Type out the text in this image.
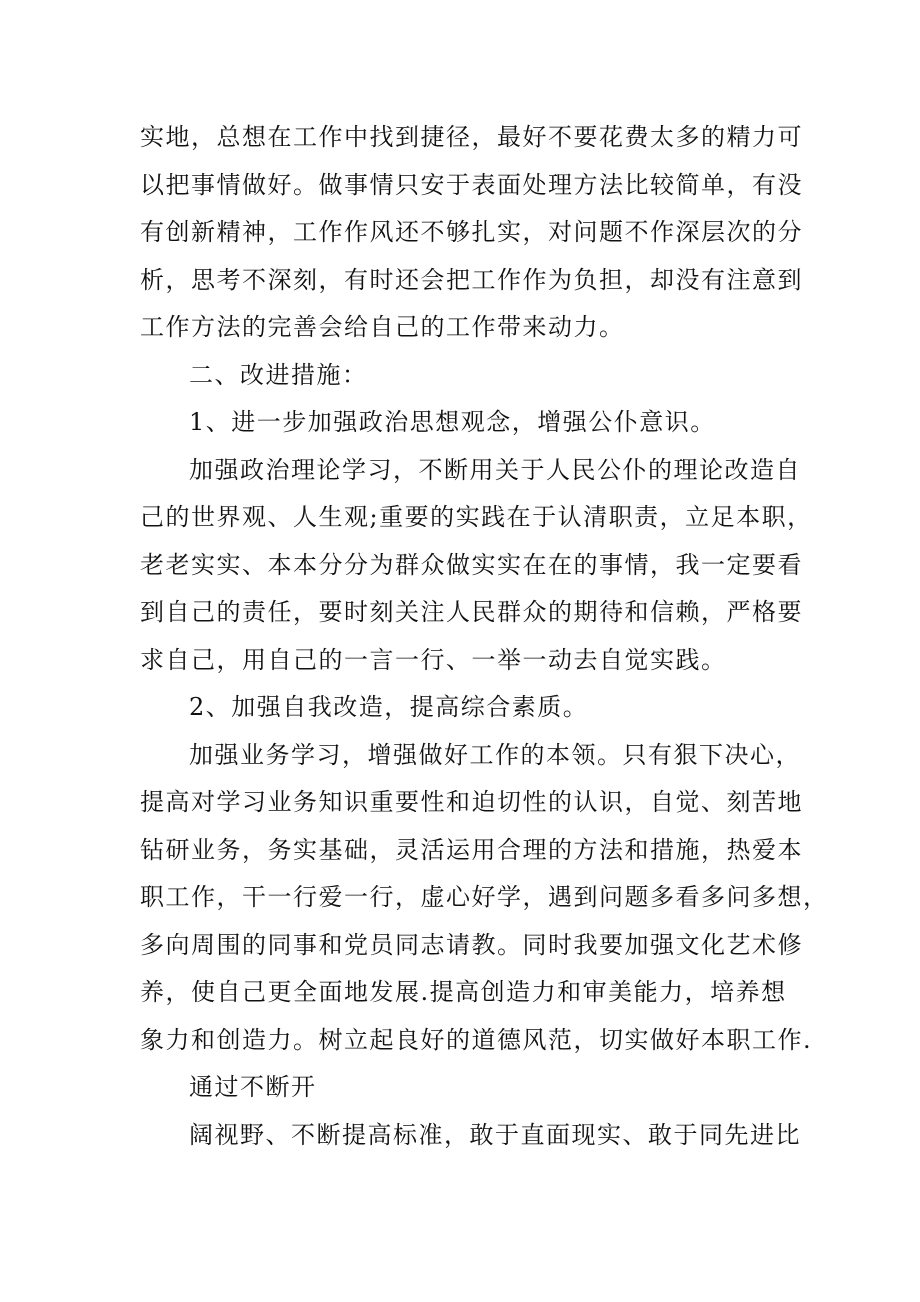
实地，总想在工作中找到捷径，最好不要花费太多的精力可
以把事情做好。做事情只安于表面处理方法比较简单，有没
有创新精神，工作作风还不够扎实，对问题不作深层次的分
析，思考不深刻，有时还会把工作作为负担，却没有注意到
工作方法的完善会给自己的工作带来动力。
二、改进措施：
1、进一步加强政治思想观念，增强公仆意识。
加强政治理论学习，不断用关于人民公仆的理论改造自
己的世界观、人生观;重要的实践在于认清职责，立足本职，
老老实实、本本分分为群众做实实在在的事情，我一定要看
到自己的责任，要时刻关注人民群众的期待和信赖，严格要
求自己，用自己的一言一行、一举一动去自觉实践。
2、加强自我改造，提高综合素质。
加强业务学习，增强做好工作的本领。只有狠下决心，
提高对学习业务知识重要性和迫切性的认识，自觉、刻苦地
钻研业务，务实基础，灵活运用合理的方法和措施，热爱本
职工作，干一行爱一行，虚心好学，遇到问题多看多问多想，
多向周围的同事和党员同志请教。同时我要加强文化艺术修
养，使自己更全面地发展.提高创造力和审美能力，培养想
象力和创造力。树立起良好的道德风范，切实做好本职工作.
通过不断开
阔视野、不断提高标准，敢于直面现实、敢于同先进比
